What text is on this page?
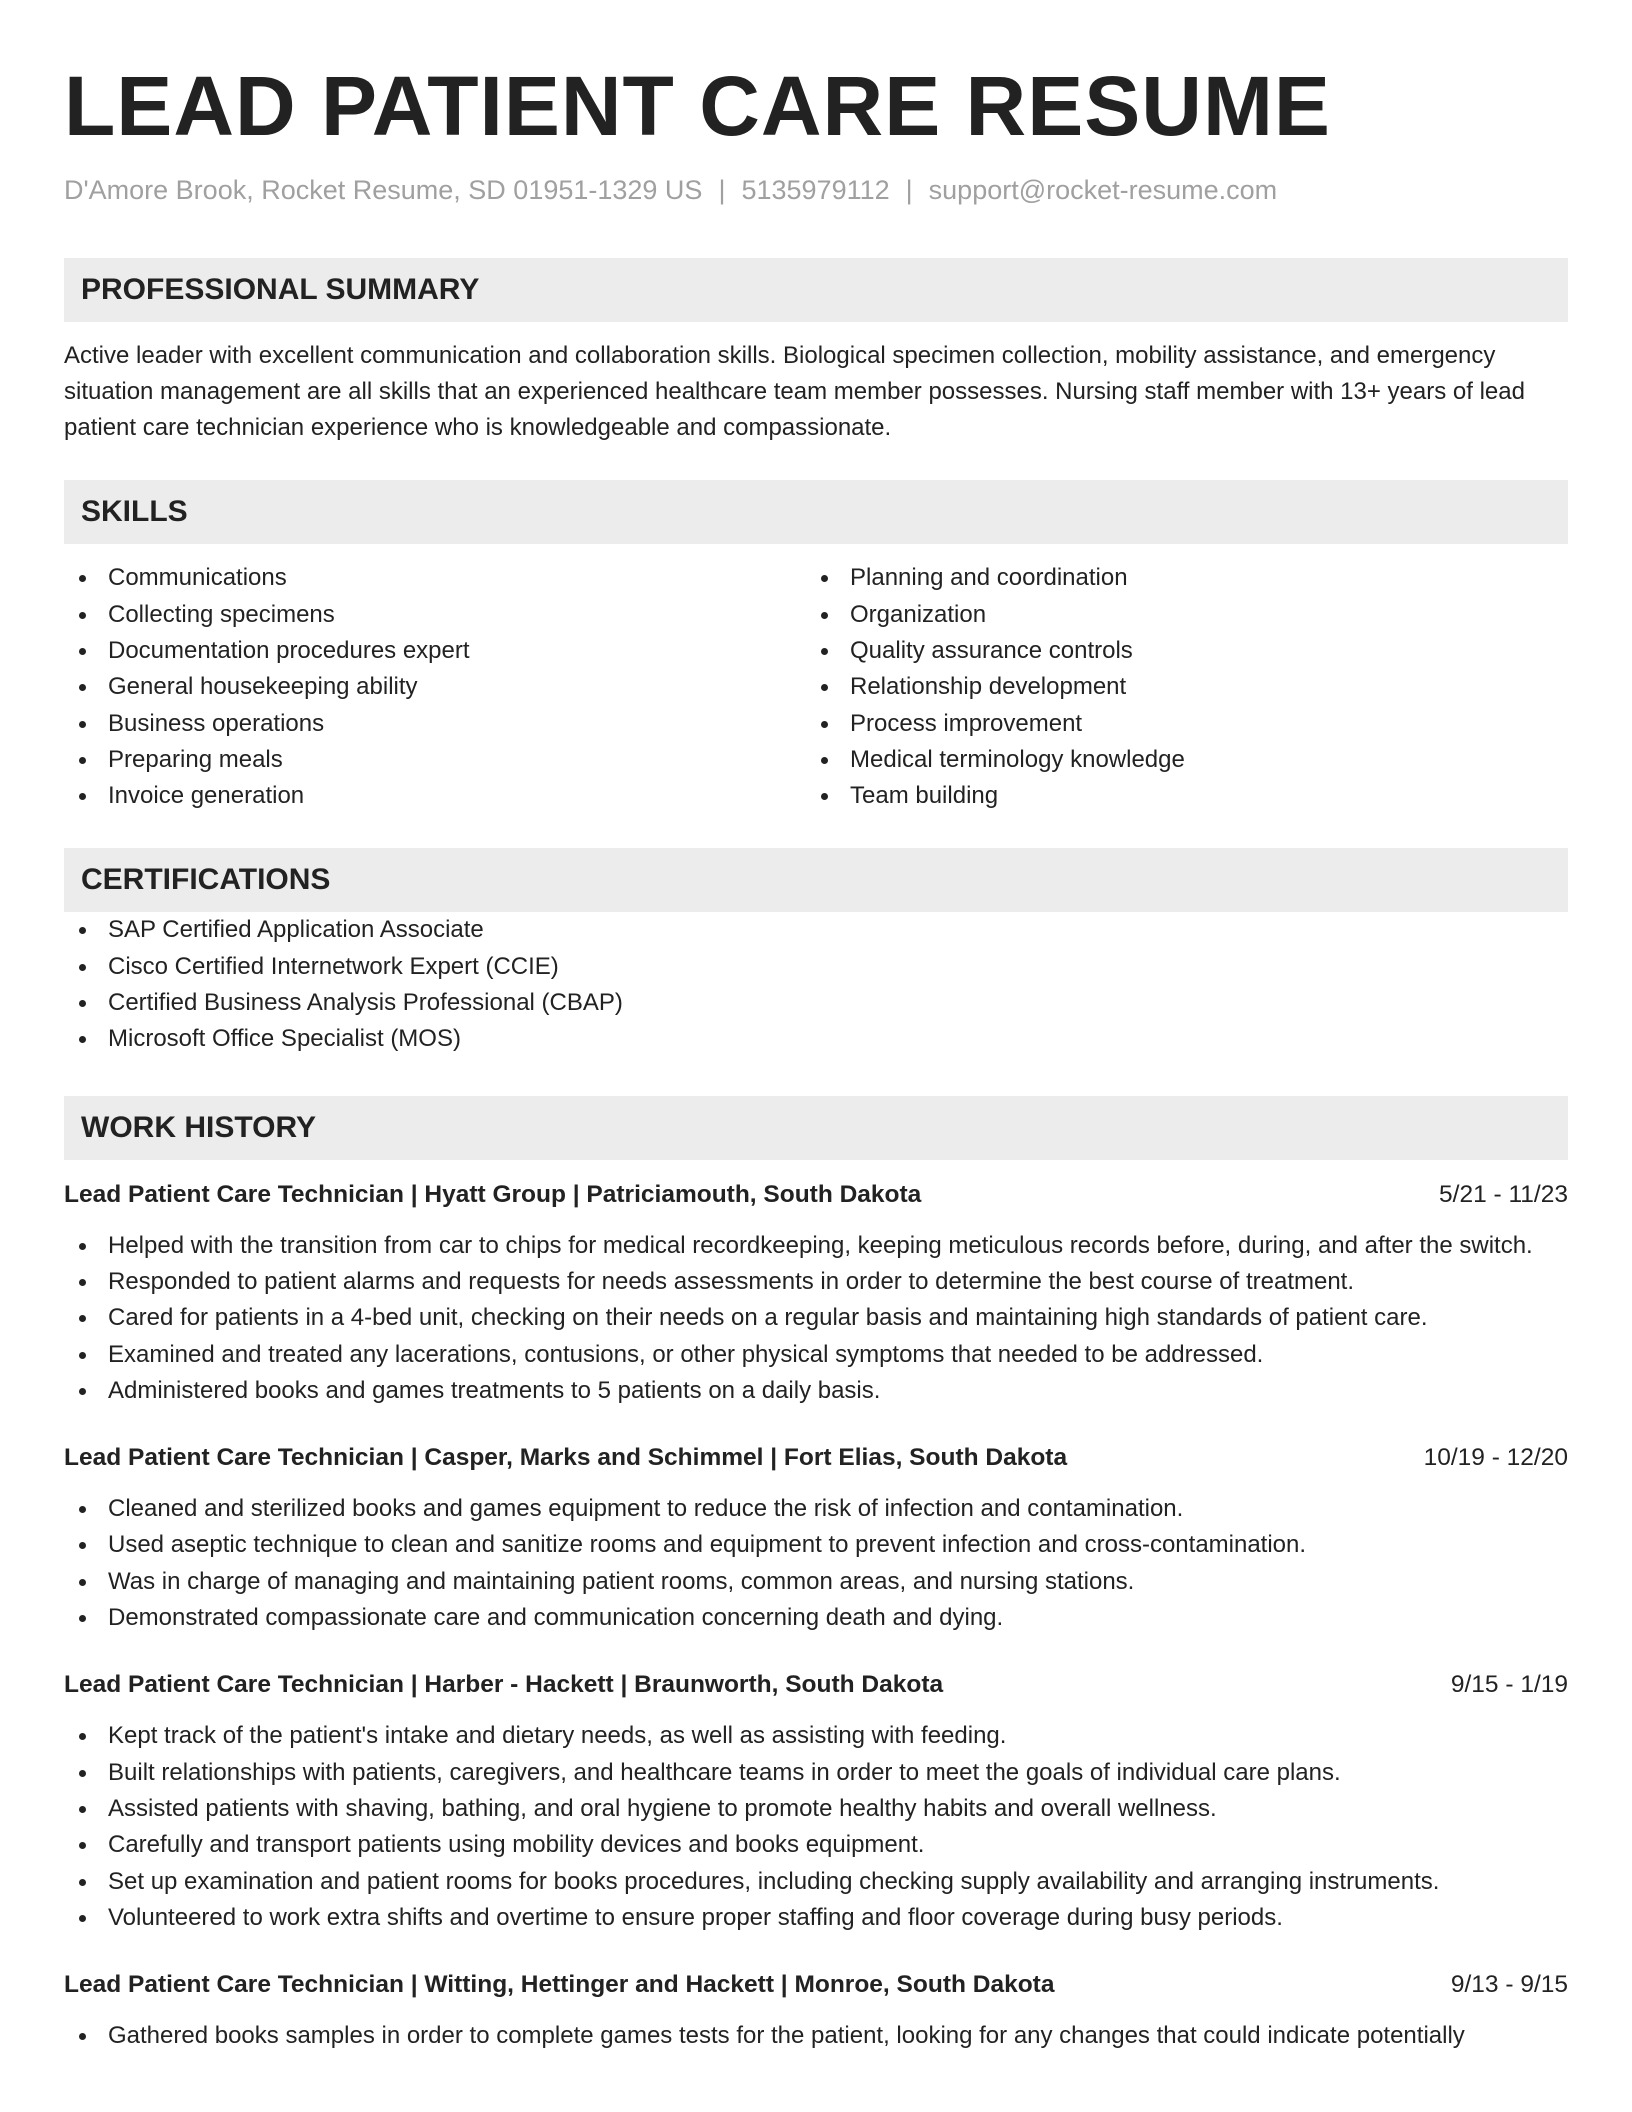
LEAD PATIENT CARE RESUME
D'Amore Brook, Rocket Resume, SD 01951-1329 US | 5135979112 | support@rocket-resume.com
PROFESSIONAL SUMMARY
Active leader with excellent communication and collaboration skills. Biological specimen collection, mobility assistance, and emergency situation management are all skills that an experienced healthcare team member possesses. Nursing staff member with 13+ years of lead patient care technician experience who is knowledgeable and compassionate.
SKILLS
Communications
Collecting specimens
Documentation procedures expert
General housekeeping ability
Business operations
Preparing meals
Invoice generation
Planning and coordination
Organization
Quality assurance controls
Relationship development
Process improvement
Medical terminology knowledge
Team building
CERTIFICATIONS
SAP Certified Application Associate
Cisco Certified Internetwork Expert (CCIE)
Certified Business Analysis Professional (CBAP)
Microsoft Office Specialist (MOS)
WORK HISTORY
Lead Patient Care Technician | Hyatt Group | Patriciamouth, South Dakota	5/21 - 11/23
Helped with the transition from car to chips for medical recordkeeping, keeping meticulous records before, during, and after the switch.
Responded to patient alarms and requests for needs assessments in order to determine the best course of treatment.
Cared for patients in a 4-bed unit, checking on their needs on a regular basis and maintaining high standards of patient care.
Examined and treated any lacerations, contusions, or other physical symptoms that needed to be addressed.
Administered books and games treatments to 5 patients on a daily basis.
Lead Patient Care Technician | Casper, Marks and Schimmel | Fort Elias, South Dakota	10/19 - 12/20
Cleaned and sterilized books and games equipment to reduce the risk of infection and contamination.
Used aseptic technique to clean and sanitize rooms and equipment to prevent infection and cross-contamination.
Was in charge of managing and maintaining patient rooms, common areas, and nursing stations.
Demonstrated compassionate care and communication concerning death and dying.
Lead Patient Care Technician | Harber - Hackett | Braunworth, South Dakota	9/15 - 1/19
Kept track of the patient's intake and dietary needs, as well as assisting with feeding.
Built relationships with patients, caregivers, and healthcare teams in order to meet the goals of individual care plans.
Assisted patients with shaving, bathing, and oral hygiene to promote healthy habits and overall wellness.
Carefully and transport patients using mobility devices and books equipment.
Set up examination and patient rooms for books procedures, including checking supply availability and arranging instruments.
Volunteered to work extra shifts and overtime to ensure proper staffing and floor coverage during busy periods.
Lead Patient Care Technician | Witting, Hettinger and Hackett | Monroe, South Dakota	9/13 - 9/15
Gathered books samples in order to complete games tests for the patient, looking for any changes that could indicate potentially
